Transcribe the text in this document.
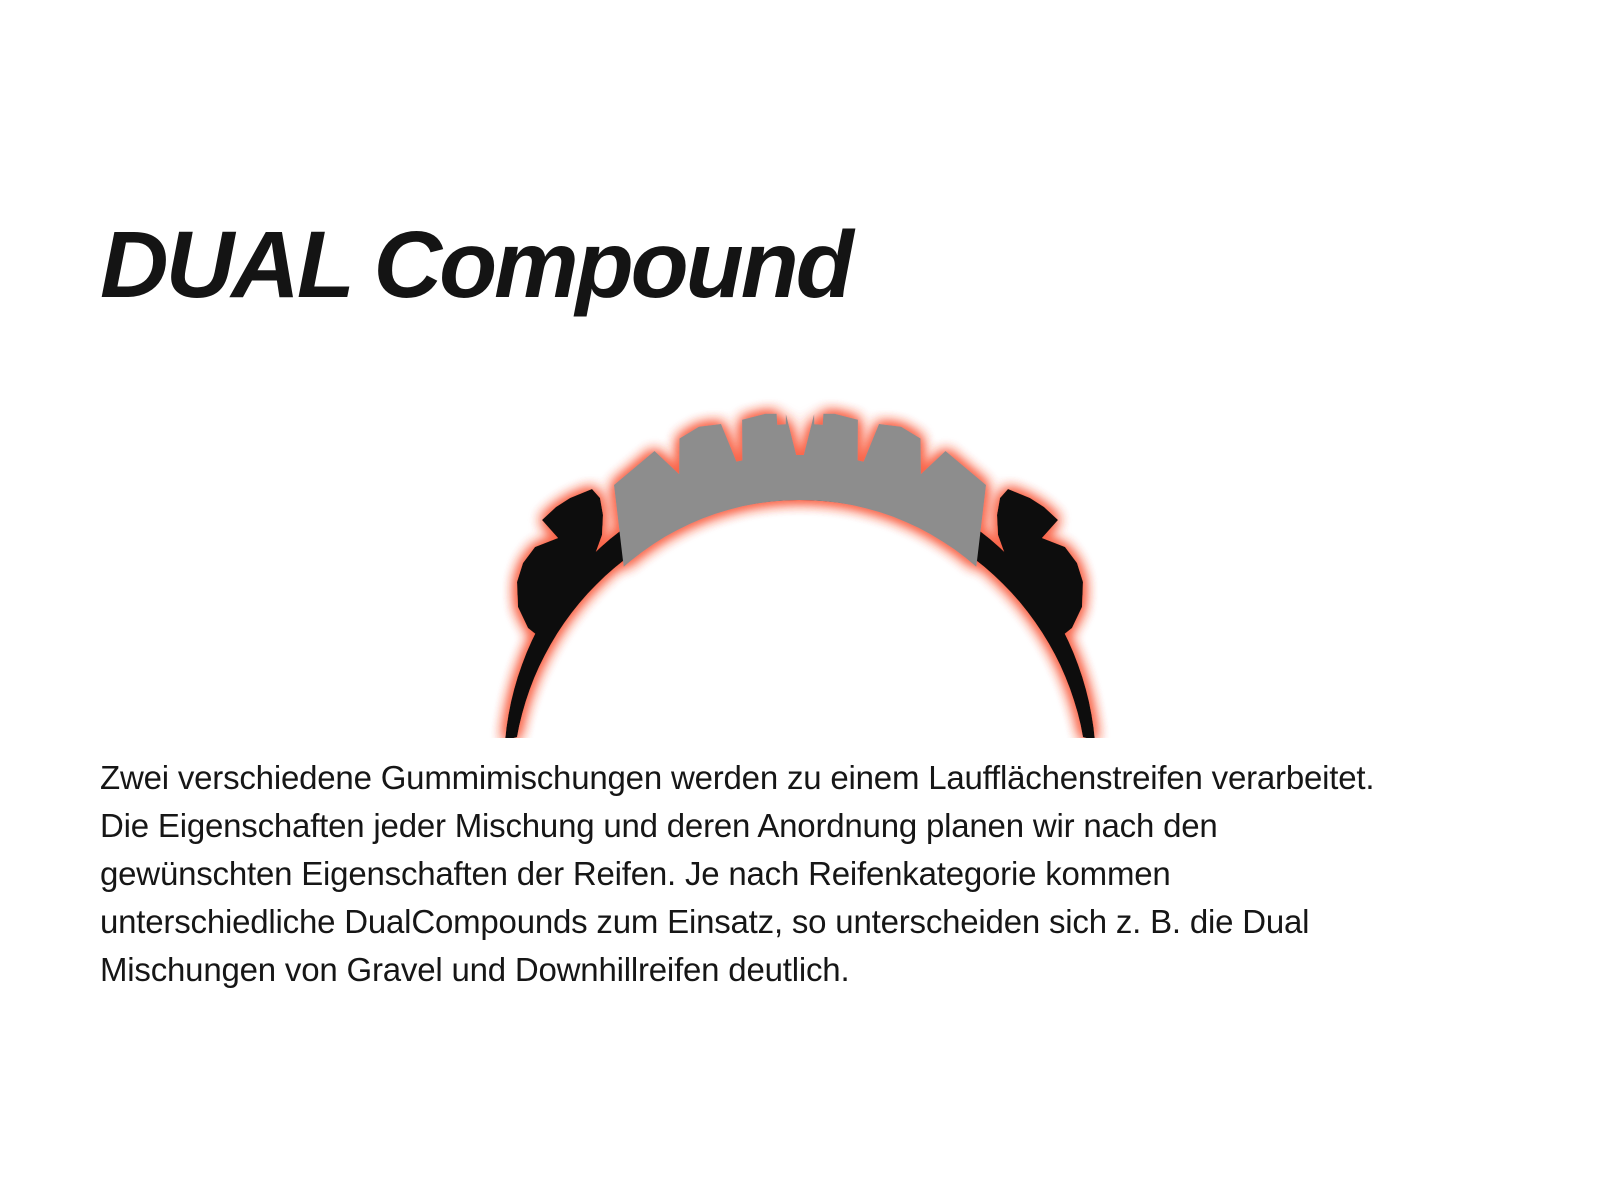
DUAL Compound
Zwei verschiedene Gummimischungen werden zu einem Laufflächenstreifen verarbeitet.
Die Eigenschaften jeder Mischung und deren Anordnung planen wir nach den
gewünschten Eigenschaften der Reifen. Je nach Reifenkategorie kommen
unterschiedliche DualCompounds zum Einsatz, so unterscheiden sich z. B. die Dual
Mischungen von Gravel und Downhillreifen deutlich.
